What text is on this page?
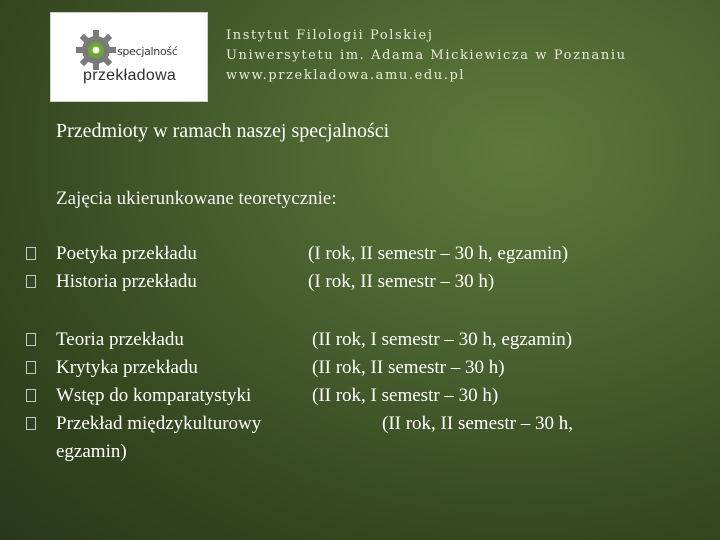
specjalność
przekładowa
Instytut Filologii Polskiej
Uniwersytetu im. Adama Mickiewicza w Poznaniu
www.przekladowa.amu.edu.pl
Przedmioty w ramach naszej specjalności
Zajęcia ukierunkowane teoretycznie:
Poetyka przekładu	(I rok, II semestr – 30 h, egzamin)
Historia przekładu	(I rok, II semestr – 30 h)
Teoria przekładu	(II rok, I semestr – 30 h, egzamin)
Krytyka przekładu	(II rok, II semestr – 30 h)
Wstęp do komparatystyki	(II rok, I semestr – 30 h)
Przekład międzykulturowy	(II rok, II semestr – 30 h,
egzamin)
